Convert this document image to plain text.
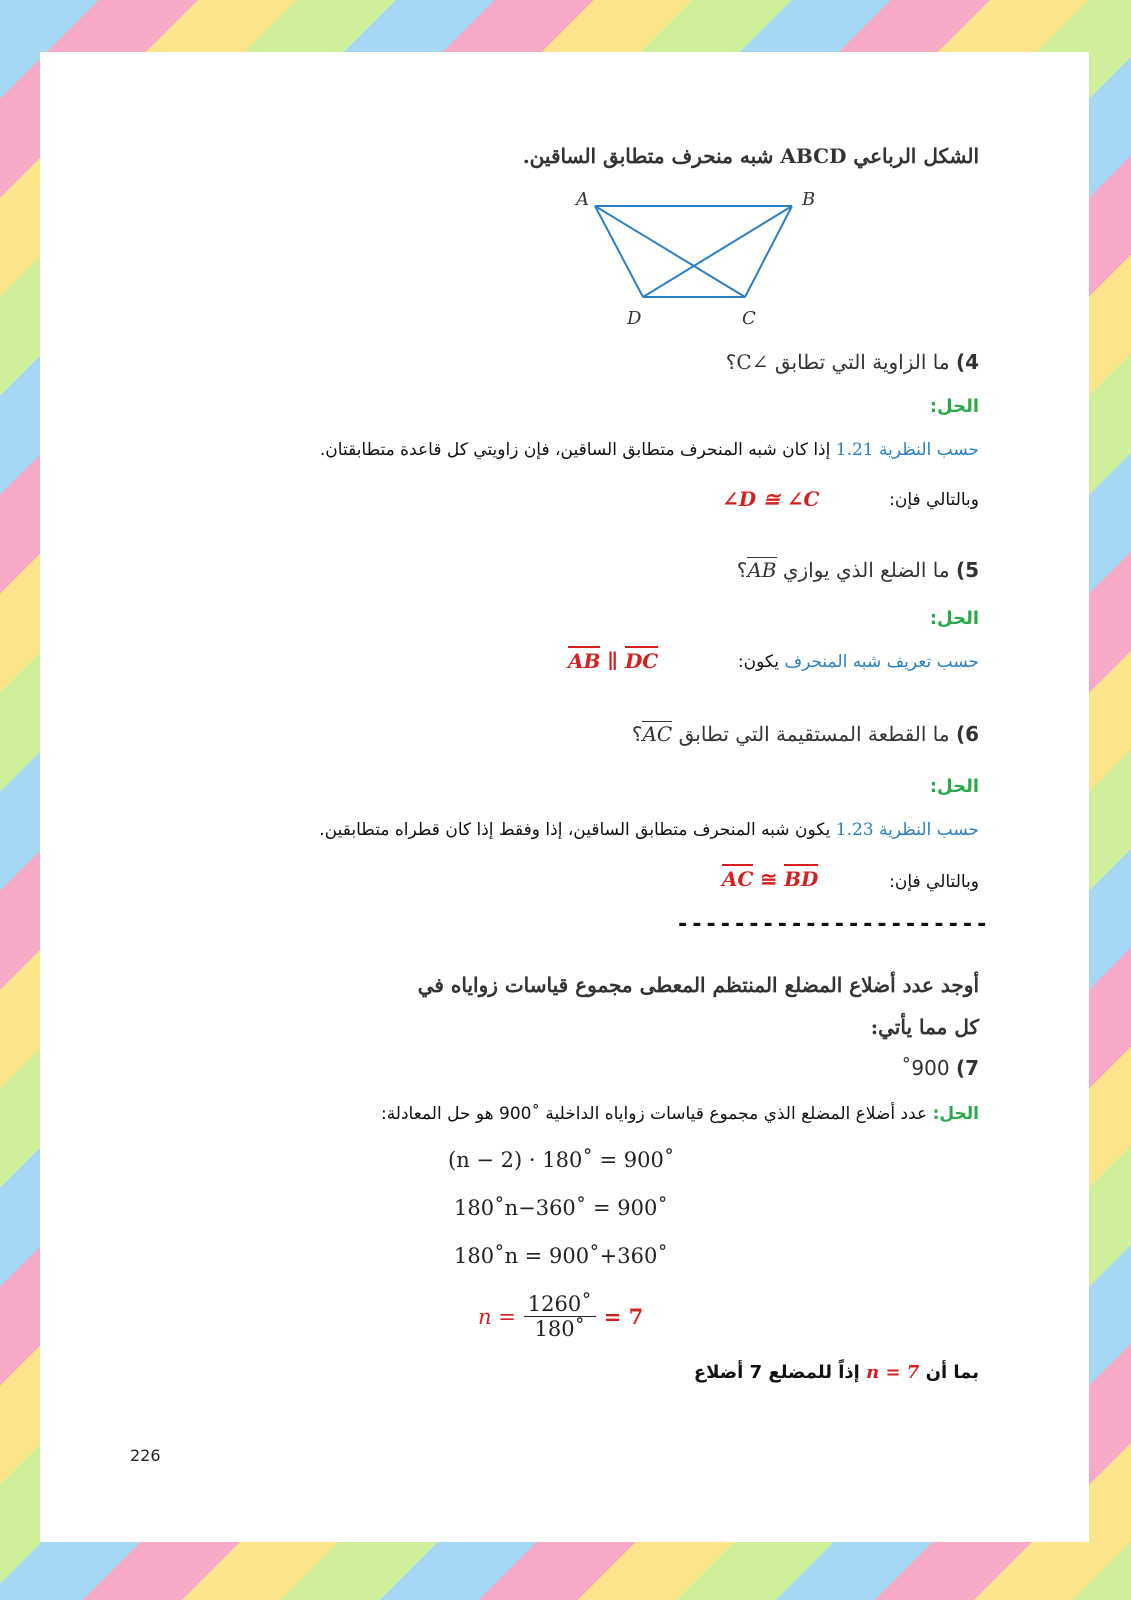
الشكل الرباعي ABCD شبه منحرف متطابق الساقين.
A	B
C
D
4) ما الزاوية التي تطابق ∠C؟
الحل:
حسب النظرية 1.21 إذا كان شبه المنحرف متطابق الساقين، فإن زاويتي كل قاعدة متطابقتان.
وبالتالي فإن:
∠D ≅ ∠C
5) ما الضلع الذي يوازي AB؟
الحل:
حسب تعريف شبه المنحرف يكون:
AB ∥ DC
6) ما القطعة المستقيمة التي تطابق AC؟
الحل:
حسب النظرية 1.23 يكون شبه المنحرف متطابق الساقين، إذا وفقط إذا كان قطراه متطابقين.
وبالتالي فإن:
AC ≅ BD
----------------------
أوجد عدد أضلاع المضلع المنتظم المعطى مجموع قياسات زواياه في
كل مما يأتي:
7) 900˚
الحل: عدد أضلاع المضلع الذي مجموع قياسات زواياه الداخلية ˚900 هو حل المعادلة:
(n − 2) · 180˚ = 900˚
180˚n−360˚ = 900˚
180˚n = 900˚+360˚
$n = \frac{1260˚}{180˚} = 7$
بما أن n = 7 إذاً للمضلع 7 أضلاع
226
